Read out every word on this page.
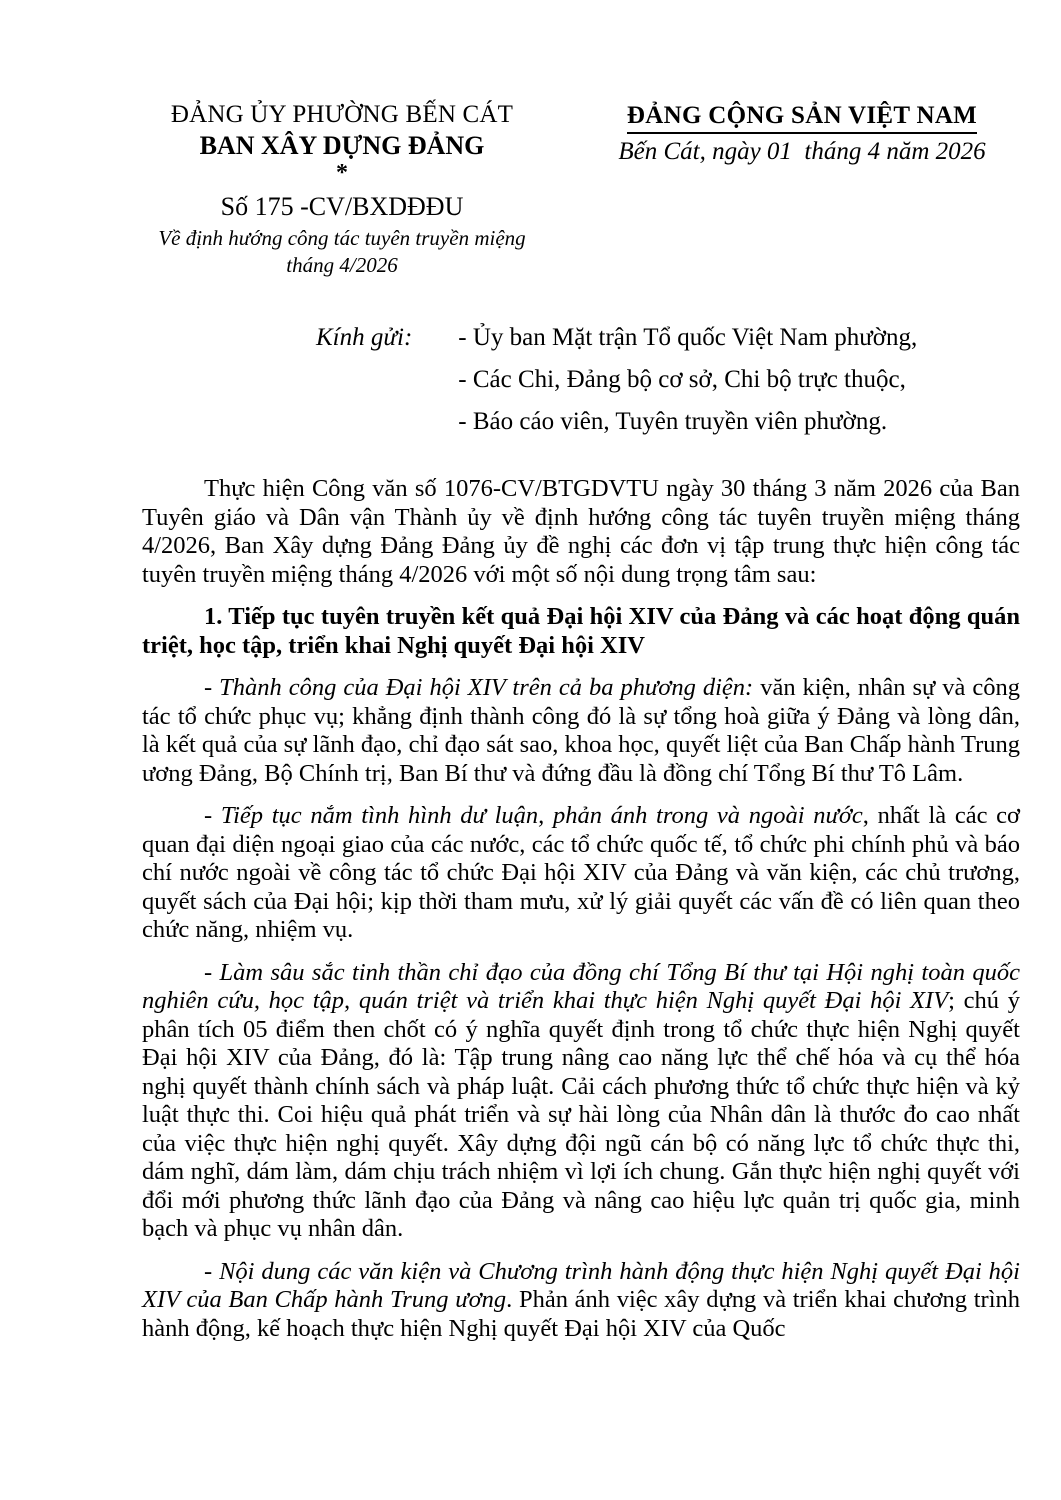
ĐẢNG ỦY PHƯỜNG BẾN CÁT
BAN XÂY DỰNG ĐẢNG
*
Số 175 -CV/BXDĐĐU
Về định hướng công tác tuyên truyền miệng
tháng 4/2026
ĐẢNG CỘNG SẢN VIỆT NAM
Bến Cát, ngày 01  tháng 4 năm 2026
Kính gửi: - Ủy ban Mặt trận Tổ quốc Việt Nam phường,
- Các Chi, Đảng bộ cơ sở, Chi bộ trực thuộc,
- Báo cáo viên, Tuyên truyền viên phường.

Thực hiện Công văn số 1076-CV/BTGDVTU ngày 30 tháng 3 năm 2026 của Ban Tuyên giáo và Dân vận Thành ủy về định hướng công tác tuyên truyền miệng tháng 4/2026, Ban Xây dựng Đảng Đảng ủy đề nghị các đơn vị tập trung thực hiện công tác tuyên truyền miệng tháng 4/2026 với một số nội dung trọng tâm sau:

1. Tiếp tục tuyên truyền kết quả Đại hội XIV của Đảng và các hoạt động quán triệt, học tập, triển khai Nghị quyết Đại hội XIV

- Thành công của Đại hội XIV trên cả ba phương diện: văn kiện, nhân sự và công tác tổ chức phục vụ; khẳng định thành công đó là sự tổng hoà giữa ý Đảng và lòng dân, là kết quả của sự lãnh đạo, chỉ đạo sát sao, khoa học, quyết liệt của Ban Chấp hành Trung ương Đảng, Bộ Chính trị, Ban Bí thư và đứng đầu là đồng chí Tổng Bí thư Tô Lâm.

- Tiếp tục nắm tình hình dư luận, phản ánh trong và ngoài nước, nhất là các cơ quan đại diện ngoại giao của các nước, các tổ chức quốc tế, tổ chức phi chính phủ và báo chí nước ngoài về công tác tổ chức Đại hội XIV của Đảng và văn kiện, các chủ trương, quyết sách của Đại hội; kịp thời tham mưu, xử lý giải quyết các vấn đề có liên quan theo chức năng, nhiệm vụ.

- Làm sâu sắc tinh thần chỉ đạo của đồng chí Tổng Bí thư tại Hội nghị toàn quốc nghiên cứu, học tập, quán triệt và triển khai thực hiện Nghị quyết Đại hội XIV; chú ý phân tích 05 điểm then chốt có ý nghĩa quyết định trong tổ chức thực hiện Nghị quyết Đại hội XIV của Đảng, đó là: Tập trung nâng cao năng lực thể chế hóa và cụ thể hóa nghị quyết thành chính sách và pháp luật. Cải cách phương thức tổ chức thực hiện và kỷ luật thực thi. Coi hiệu quả phát triển và sự hài lòng của Nhân dân là thước đo cao nhất của việc thực hiện nghị quyết. Xây dựng đội ngũ cán bộ có năng lực tổ chức thực thi, dám nghĩ, dám làm, dám chịu trách nhiệm vì lợi ích chung. Gắn thực hiện nghị quyết với đổi mới phương thức lãnh đạo của Đảng và nâng cao hiệu lực quản trị quốc gia, minh bạch và phục vụ nhân dân.

- Nội dung các văn kiện và Chương trình hành động thực hiện Nghị quyết Đại hội XIV của Ban Chấp hành Trung ương. Phản ánh việc xây dựng và triển khai chương trình hành động, kế hoạch thực hiện Nghị quyết Đại hội XIV của Quốc
